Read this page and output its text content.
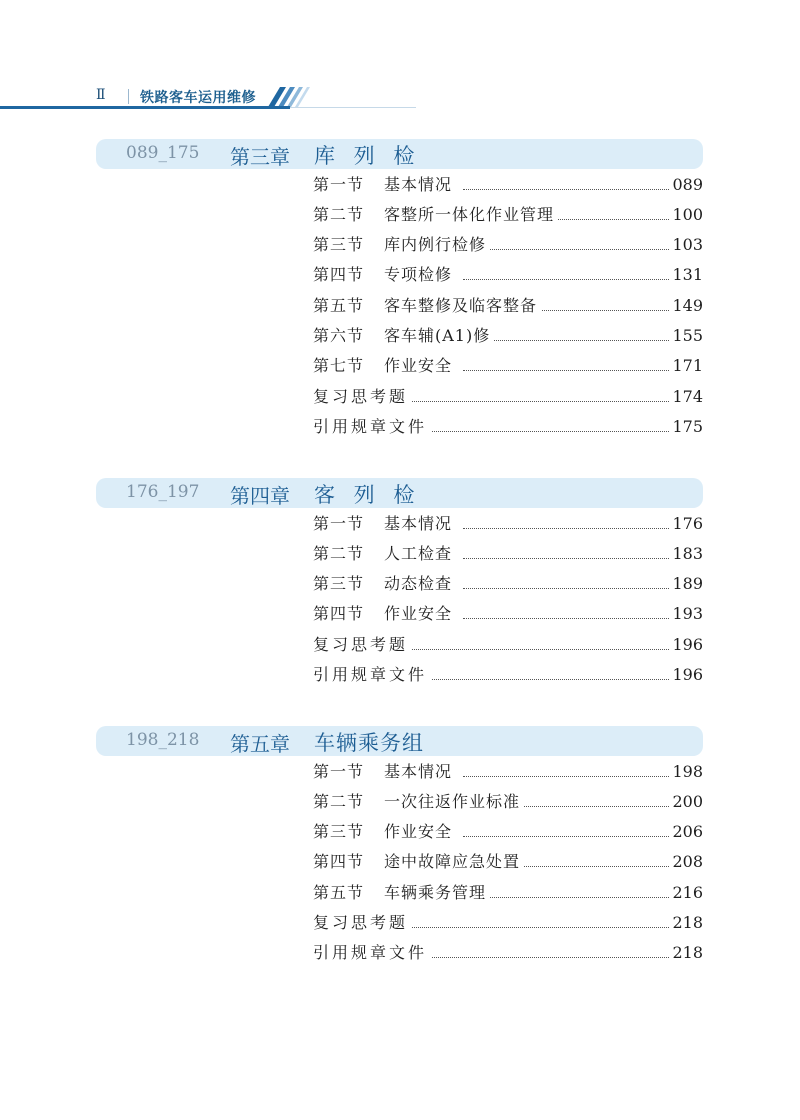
Ⅱ 铁路客车运用维修
089_175 第三章 库 列 检
第一节 基本情况	089
第二节 客整所一体化作业管理	100
第三节 库内例行检修	103
第四节 专项检修	131
第五节 客车整修及临客整备	149
第六节 客车辅(A1)修	155
第七节 作业安全	171
复习思考题	174
引用规章文件	175
176_197 第四章 客 列 检
第一节 基本情况	176
第二节 人工检查	183
第三节 动态检查	189
第四节 作业安全	193
复习思考题	196
引用规章文件	196
198_218 第五章 车辆乘务组
第一节 基本情况	198
第二节 一次往返作业标准	200
第三节 作业安全	206
第四节 途中故障应急处置	208
第五节 车辆乘务管理	216
复习思考题	218
引用规章文件	218
